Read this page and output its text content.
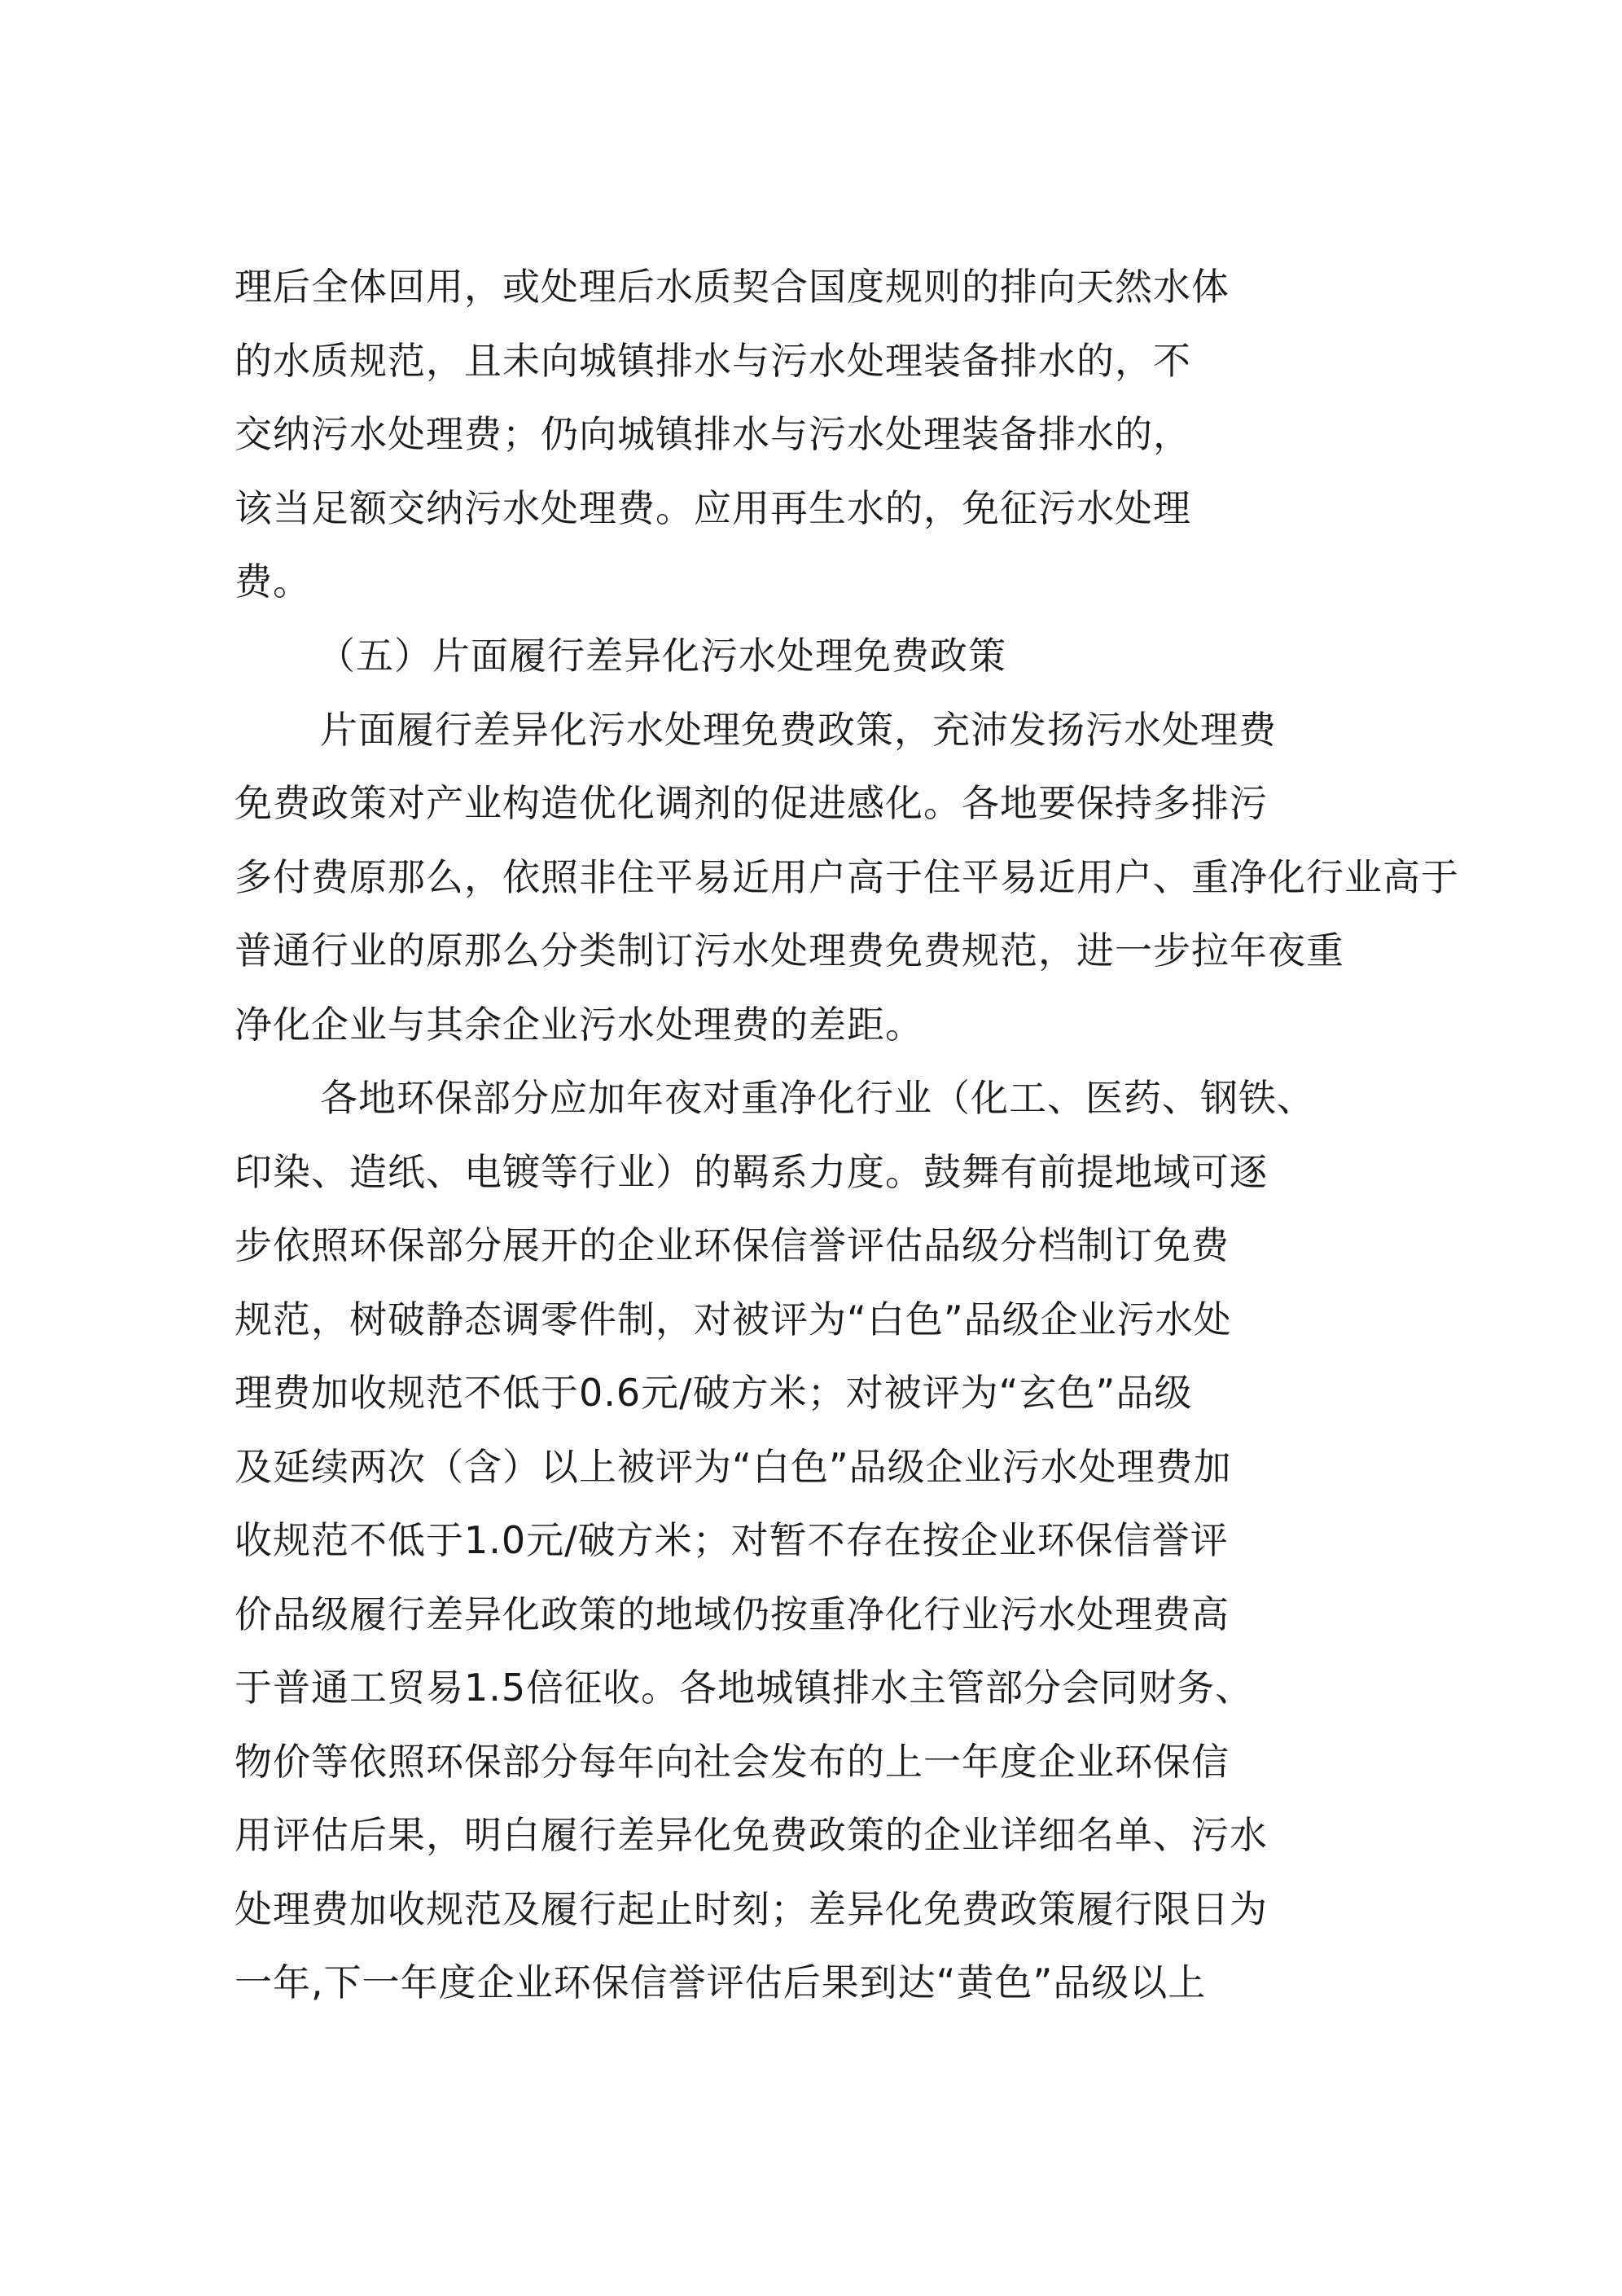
理后全体回用，或处理后水质契合国度规则的排向天然水体
的水质规范，且未向城镇排水与污水处理装备排水的，不
交纳污水处理费；仍向城镇排水与污水处理装备排水的，
该当足额交纳污水处理费。应用再生水的，免征污水处理
费。
（五）片面履行差异化污水处理免费政策
片面履行差异化污水处理免费政策，充沛发扬污水处理费
免费政策对产业构造优化调剂的促进感化。各地要保持多排污
多付费原那么，依照非住平易近用户高于住平易近用户、重净化行业高于
普通行业的原那么分类制订污水处理费免费规范，进一步拉年夜重
净化企业与其余企业污水处理费的差距。
各地环保部分应加年夜对重净化行业（化工、医药、钢铁、
印染、造纸、电镀等行业）的羁系力度。鼓舞有前提地域可逐
步依照环保部分展开的企业环保信誉评估品级分档制订免费
规范，树破静态调零件制，对被评为“白色”品级企业污水处
理费加收规范不低于0.6元/破方米；对被评为“玄色”品级
及延续两次（含）以上被评为“白色”品级企业污水处理费加
收规范不低于1.0元/破方米；对暂不存在按企业环保信誉评
价品级履行差异化政策的地域仍按重净化行业污水处理费高
于普通工贸易1.5倍征收。各地城镇排水主管部分会同财务、
物价等依照环保部分每年向社会发布的上一年度企业环保信
用评估后果，明白履行差异化免费政策的企业详细名单、污水
处理费加收规范及履行起止时刻；差异化免费政策履行限日为
一年,下一年度企业环保信誉评估后果到达“黄色”品级以上
